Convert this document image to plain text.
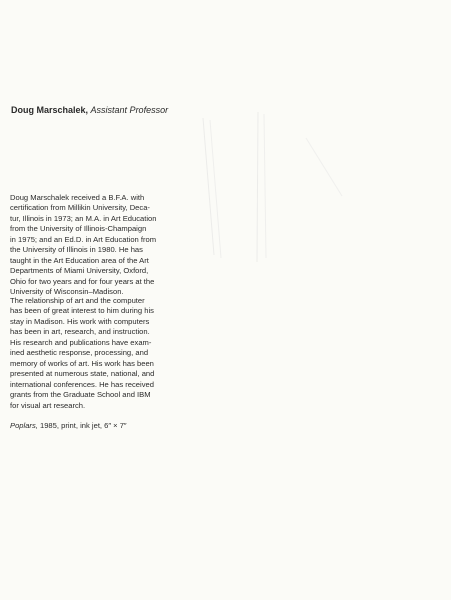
Doug Marschalek, Assistant Professor
Doug Marschalek received a B.F.A. with
certification from Millikin University, Deca-
tur, Illinois in 1973; an M.A. in Art Education
from the University of Illinois-Champaign
in 1975; and an Ed.D. in Art Education from
the University of Illinois in 1980. He has
taught in the Art Education area of the Art
Departments of Miami University, Oxford,
Ohio for two years and for four years at the
University of Wisconsin–Madison.
The relationship of art and the computer
has been of great interest to him during his
stay in Madison. His work with computers
has been in art, research, and instruction.
His research and publications have exam-
ined aesthetic response, processing, and
memory of works of art. His work has been
presented at numerous state, national, and
international conferences. He has received
grants from the Graduate School and IBM
for visual art research.
Poplars, 1985, print, ink jet, 6″ × 7″
